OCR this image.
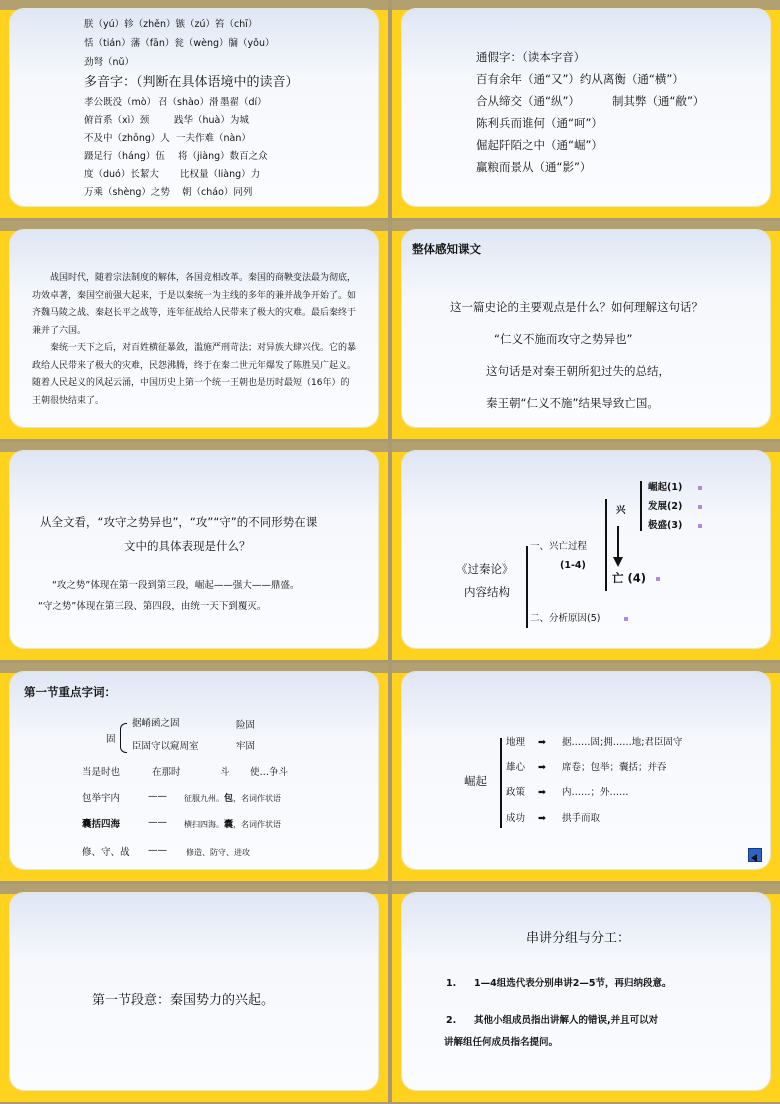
朕（yú）轸（zhěn）镞（zú）笞（chī）
恬（tián）藩（fān）瓮（wèng）牖（yǒu）
劲弩（nǔ）
多音字：（判断在具体语境中的读音）
孝公既没（mò） 召（shào）滑 墨翟（dí）
俯首系（xì）颈	践华（huà）为城
不及中（zhōng）人 一夫作难（nàn）
蹑足行（háng）伍 将（jiàng）数百之众
度（duó）长絜大 比权量（liàng）力
万乘（shèng）之势 朝（cháo）同列
通假字：（读本字音）
百有余年（通“又”）约从离衡（通“横”）
合从缔交（通“纵”）	制其弊（通“敝”）
陈利兵而谁何（通“呵”）
倔起阡陌之中（通“崛”）
赢粮而景从（通“影”）
战国时代，随着宗法制度的解体，各国竞相改革。秦国的商鞅变法最为彻底，功效卓著，秦国空前强大起来，于是以秦统一为主线的多年的兼并战争开始了。如齐魏马陵之战、秦赵长平之战等，连年征战给人民带来了极大的灾难。最后秦终于兼并了六国。
秦统一天下之后，对百姓横征暴敛，滥施严刑苛法；对异族大肆兴伐。它的暴政给人民带来了极大的灾难，民怨沸腾，终于在秦二世元年爆发了陈胜吴广起义。随着人民起义的风起云涌，中国历史上第一个统一王朝也是历时最短（16年）的王朝很快结束了。
整体感知课文
这一篇史论的主要观点是什么？如何理解这句话？
“仁义不施而攻守之势异也”
这句话是对秦王朝所犯过失的总结，
秦王朝“仁义不施”结果导致亡国。
从全文看，“攻守之势异也”，“攻”“守”的不同形势在课
文中的具体表现是什么？
“攻之势”体现在第一段到第三段，崛起——强大——鼎盛。
“守之势”体现在第三段、第四段，由统一天下到覆灭。
《过秦论》
内容结构
一、兴亡过程
(1-4)
二、分析原因(5)
兴
亡 (4)
崛起(1)
发展(2)
极盛(3)
第一节重点字词：
固
据崤函之固
臣固守以窥周室
险固
牢固
当是时也	在那时	斗 使…争斗
包举宇内	—— 征服九州。包，名词作状语
囊括四海	—— 横扫四海。囊，名词作状语
修、守、战 —— 修造、防守、进攻
崛起
地理 ➡ 据……固;拥……地;君臣固守
雄心 ➡ 席卷；包举；囊括；并吞
政策 ➡ 内……；外……
成功 ➡ 拱手而取
第一节段意：秦国势力的兴起。
串讲分组与分工：
1. 1—4组选代表分别串讲2—5节，再归纳段意。
2. 其他小组成员指出讲解人的错误,并且可以对
讲解组任何成员指名提问。
